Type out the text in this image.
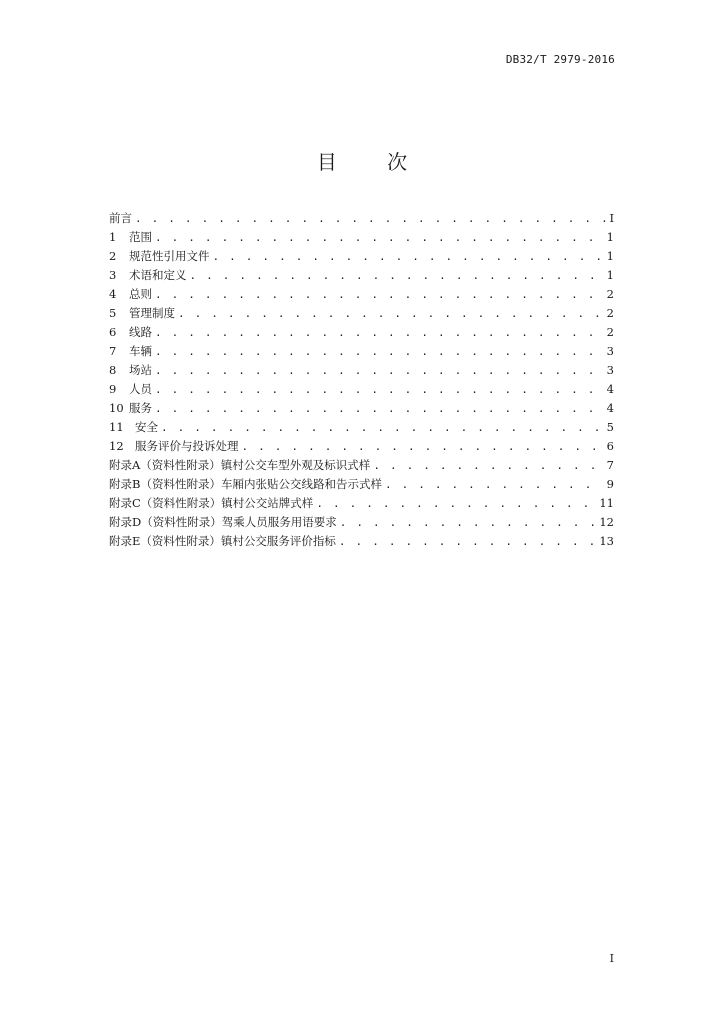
DB32/T 2979-2016
目 次
前言 . . .	I
1	范围 . . .	1
2	规范性引用文件 . . .	1
3	术语和定义 . . .	1
4	总则 . . .	2
5	管理制度 . . .	2
6	线路 . . .	2
7	车辆 . . .	3
8	场站 . . .	3
9	人员 . . .	4
10 服务 . . .	4
11 安全 . . .	5
12 服务评价与投诉处理 . . .	6
附录A（资料性附录）镇村公交车型外观及标识式样 . . .	7
附录B（资料性附录）车厢内张贴公交线路和告示式样 . . .	9
附录C（资料性附录）镇村公交站牌式样 . . .	11
附录D（资料性附录）驾乘人员服务用语要求 . . .	12
附录E（资料性附录）镇村公交服务评价指标 . . .	13
I
